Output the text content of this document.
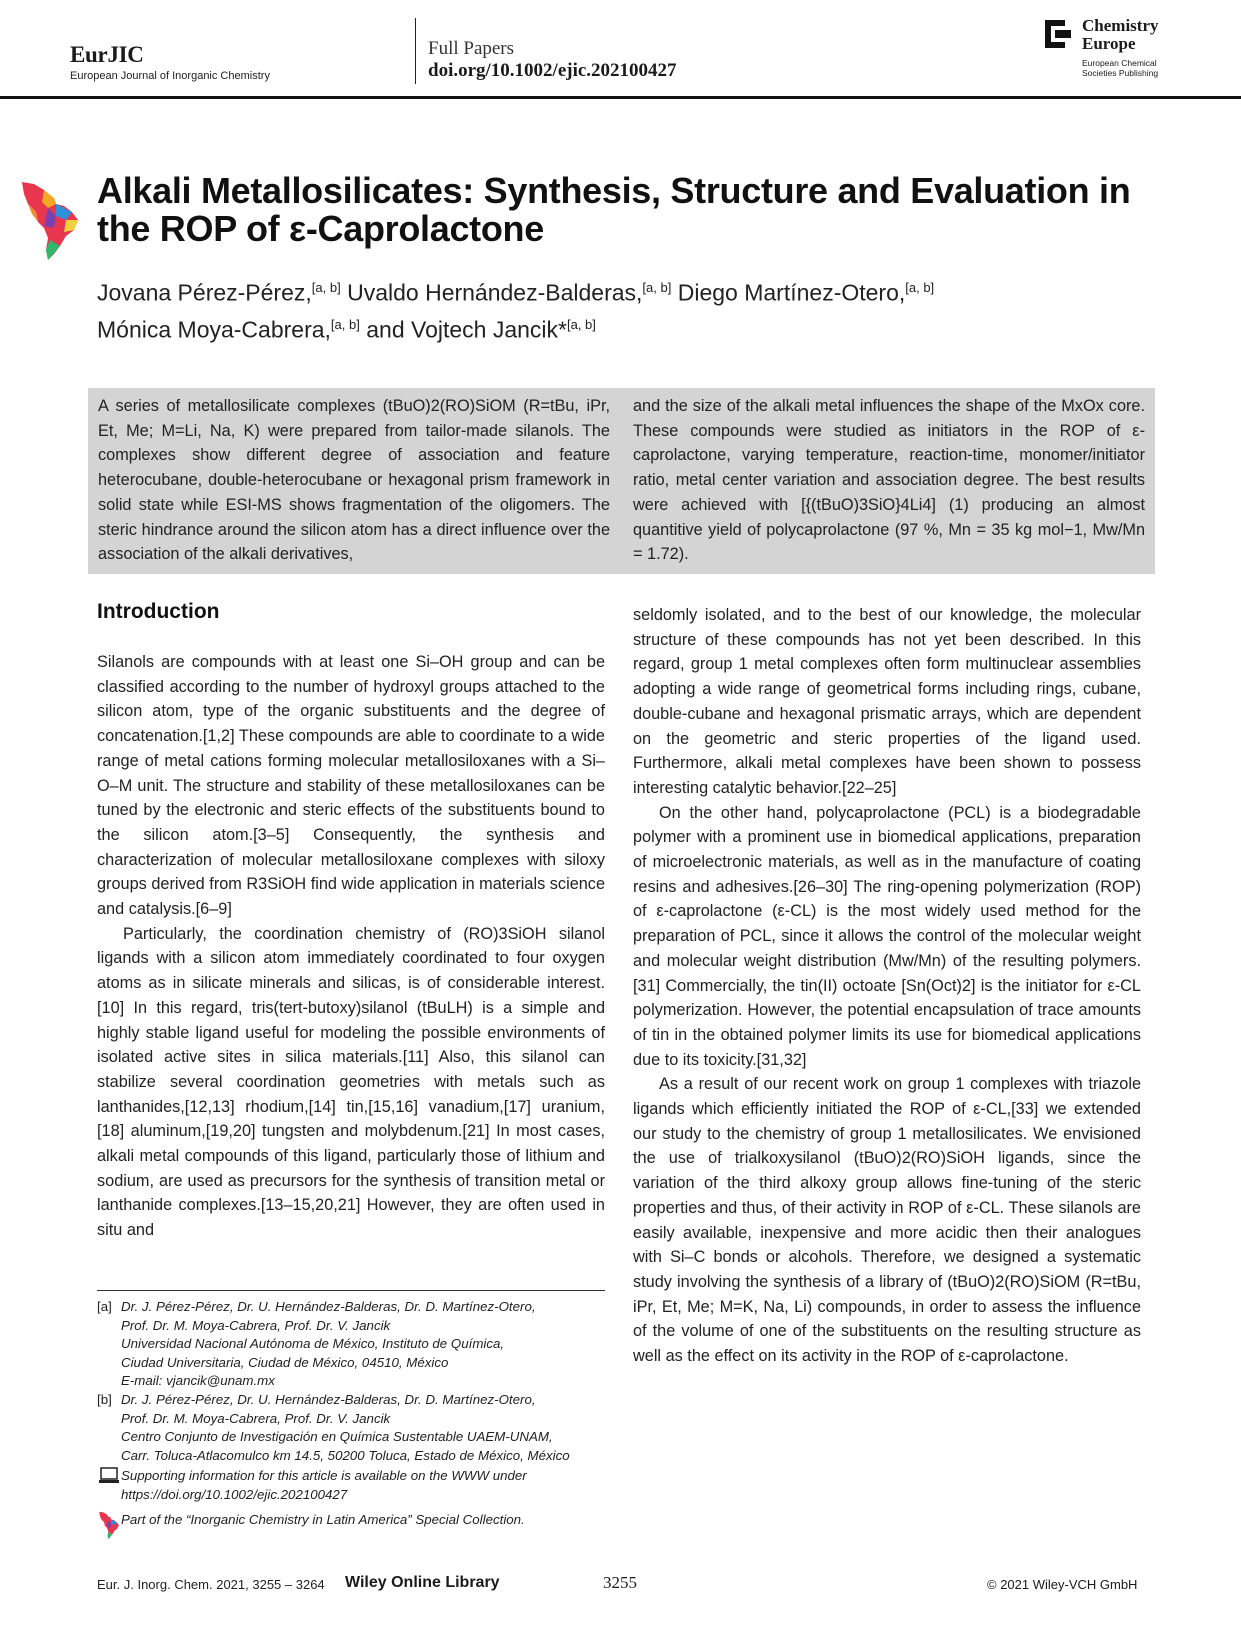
EurJIC
European Journal of Inorganic Chemistry
Full Papers
doi.org/10.1002/ejic.202100427
Chemistry
Europe
European Chemical
Societies Publishing
Alkali Metallosilicates: Synthesis, Structure and Evaluation in the ROP of ε-Caprolactone
Jovana Pérez-Pérez,[a, b] Uvaldo Hernández-Balderas,[a, b] Diego Martínez-Otero,[a, b]
Mónica Moya-Cabrera,[a, b] and Vojtech Jancik*[a, b]
A series of metallosilicate complexes (tBuO)2(RO)SiOM (R=tBu, iPr, Et, Me; M=Li, Na, K) were prepared from tailor-made silanols. The complexes show different degree of association and feature heterocubane, double-heterocubane or hexagonal prism framework in solid state while ESI-MS shows fragmentation of the oligomers. The steric hindrance around the silicon atom has a direct influence over the association of the alkali derivatives,
and the size of the alkali metal influences the shape of the MxOx core. These compounds were studied as initiators in the ROP of ε-caprolactone, varying temperature, reaction-time, monomer/initiator ratio, metal center variation and association degree. The best results were achieved with [{(tBuO)3SiO}4Li4] (1) producing an almost quantitive yield of polycaprolactone (97 %, Mn = 35 kg mol−1, Mw/Mn = 1.72).
Introduction

Silanols are compounds with at least one Si–OH group and can be classified according to the number of hydroxyl groups attached to the silicon atom, type of the organic substituents and the degree of concatenation.[1,2] These compounds are able to coordinate to a wide range of metal cations forming molecular metallosiloxanes with a Si–O–M unit. The structure and stability of these metallosiloxanes can be tuned by the electronic and steric effects of the substituents bound to the silicon atom.[3–5] Consequently, the synthesis and characterization of molecular metallosiloxane complexes with siloxy groups derived from R3SiOH find wide application in materials science and catalysis.[6–9]

Particularly, the coordination chemistry of (RO)3SiOH silanol ligands with a silicon atom immediately coordinated to four oxygen atoms as in silicate minerals and silicas, is of considerable interest.[10] In this regard, tris(tert-butoxy)silanol (tBuLH) is a simple and highly stable ligand useful for modeling the possible environments of isolated active sites in silica materials.[11] Also, this silanol can stabilize several coordination geometries with metals such as lanthanides,[12,13] rhodium,[14] tin,[15,16] vanadium,[17] uranium,[18] aluminum,[19,20] tungsten and molybdenum.[21] In most cases, alkali metal compounds of this ligand, particularly those of lithium and sodium, are used as precursors for the synthesis of transition metal or lanthanide complexes.[13–15,20,21] However, they are often used in situ and

seldomly isolated, and to the best of our knowledge, the molecular structure of these compounds has not yet been described. In this regard, group 1 metal complexes often form multinuclear assemblies adopting a wide range of geometrical forms including rings, cubane, double-cubane and hexagonal prismatic arrays, which are dependent on the geometric and steric properties of the ligand used. Furthermore, alkali metal complexes have been shown to possess interesting catalytic behavior.[22–25]

On the other hand, polycaprolactone (PCL) is a biodegradable polymer with a prominent use in biomedical applications, preparation of microelectronic materials, as well as in the manufacture of coating resins and adhesives.[26–30] The ring-opening polymerization (ROP) of ε-caprolactone (ε-CL) is the most widely used method for the preparation of PCL, since it allows the control of the molecular weight and molecular weight distribution (Mw/Mn) of the resulting polymers.[31] Commercially, the tin(II) octoate [Sn(Oct)2] is the initiator for ε-CL polymerization. However, the potential encapsulation of trace amounts of tin in the obtained polymer limits its use for biomedical applications due to its toxicity.[31,32]

As a result of our recent work on group 1 complexes with triazole ligands which efficiently initiated the ROP of ε-CL,[33] we extended our study to the chemistry of group 1 metallosilicates. We envisioned the use of trialkoxysilanol (tBuO)2(RO)SiOH ligands, since the variation of the third alkoxy group allows fine-tuning of the steric properties and thus, of their activity in ROP of ε-CL. These silanols are easily available, inexpensive and more acidic then their analogues with Si–C bonds or alcohols. Therefore, we designed a systematic study involving the synthesis of a library of (tBuO)2(RO)SiOM (R=tBu, iPr, Et, Me; M=K, Na, Li) compounds, in order to assess the influence of the volume of one of the substituents on the resulting structure as well as the effect on its activity in the ROP of ε-caprolactone.

[a] Dr. J. Pérez-Pérez, Dr. U. Hernández-Balderas, Dr. D. Martínez-Otero,
Prof. Dr. M. Moya-Cabrera, Prof. Dr. V. Jancik
Universidad Nacional Autónoma de México, Instituto de Química,
Ciudad Universitaria, Ciudad de México, 04510, México
E-mail: vjancik@unam.mx
[b] Dr. J. Pérez-Pérez, Dr. U. Hernández-Balderas, Dr. D. Martínez-Otero,
Prof. Dr. M. Moya-Cabrera, Prof. Dr. V. Jancik
Centro Conjunto de Investigación en Química Sustentable UAEM-UNAM,
Carr. Toluca-Atlacomulco km 14.5, 50200 Toluca, Estado de México, México
Supporting information for this article is available on the WWW under https://doi.org/10.1002/ejic.202100427
Part of the “Inorganic Chemistry in Latin America” Special Collection.
Eur. J. Inorg. Chem. 2021, 3255 – 3264 Wiley Online Library	3255	© 2021 Wiley-VCH GmbH
